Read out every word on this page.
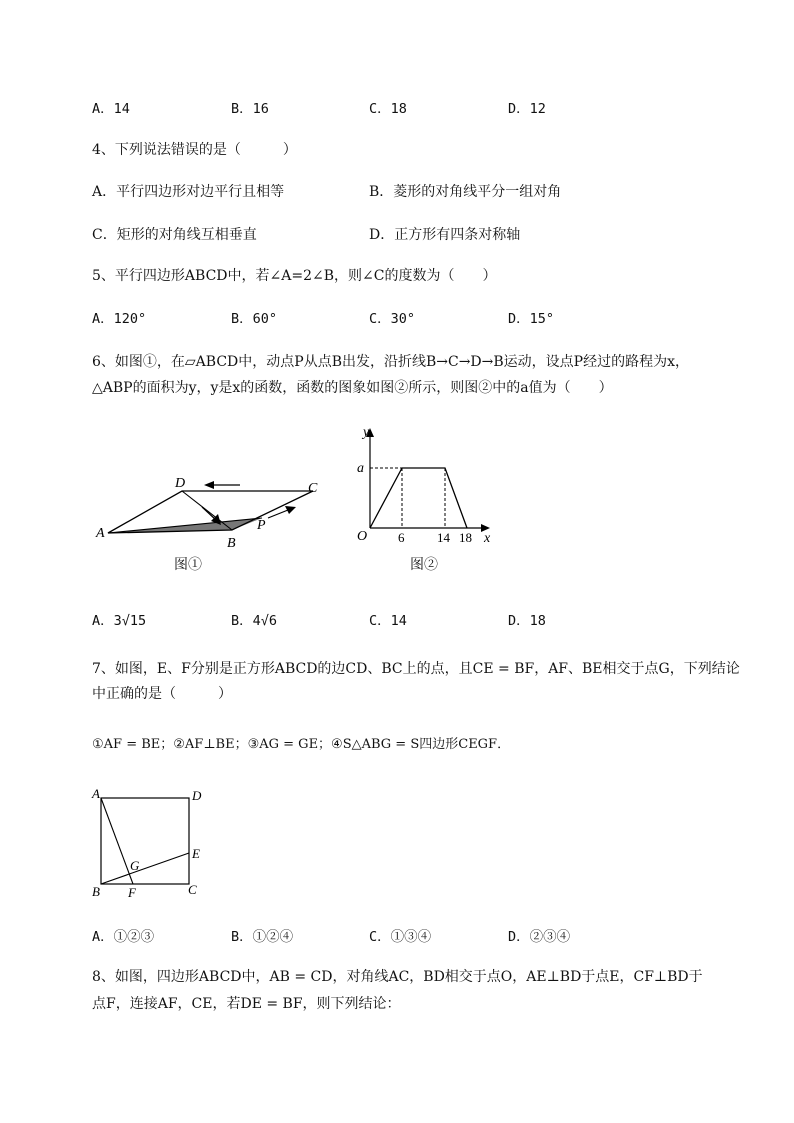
A．14	B．16	C．18	D．12
4、下列说法错误的是（　　　）
A．平行四边形对边平行且相等	B．菱形的对角线平分一组对角
C．矩形的对角线互相垂直	D．正方形有四条对称轴
5、平行四边形ABCD中，若∠A=2∠B，则∠C的度数为（　　）
A．120°	B．60°	C．30°	D．15°
6、如图①，在▱ABCD中，动点P从点B出发，沿折线B→C→D→B运动，设点P经过的路程为x，
△ABP的面积为y，y是x的函数，函数的图象如图②所示，则图②中的a值为（　　）
A
D	C
B
P
图①
y
a
O 6	14 18 x
图②
A．3√15	B．4√6	C．14	D．18
7、如图，E、F分别是正方形ABCD的边CD、BC上的点，且CE = BF，AF、BE相交于点G，下列结论
中正确的是（　　　）
①AF = BE；②AF⊥BE；③AG = GE；④S△ABG = S四边形CEGF．
A	D
E
G
B F	C
A．①②③	B．①②④	C．①③④	D．②③④
8、如图，四边形ABCD中，AB = CD，对角线AC，BD相交于点O，AE⊥BD于点E，CF⊥BD于
点F，连接AF，CE，若DE = BF，则下列结论：
